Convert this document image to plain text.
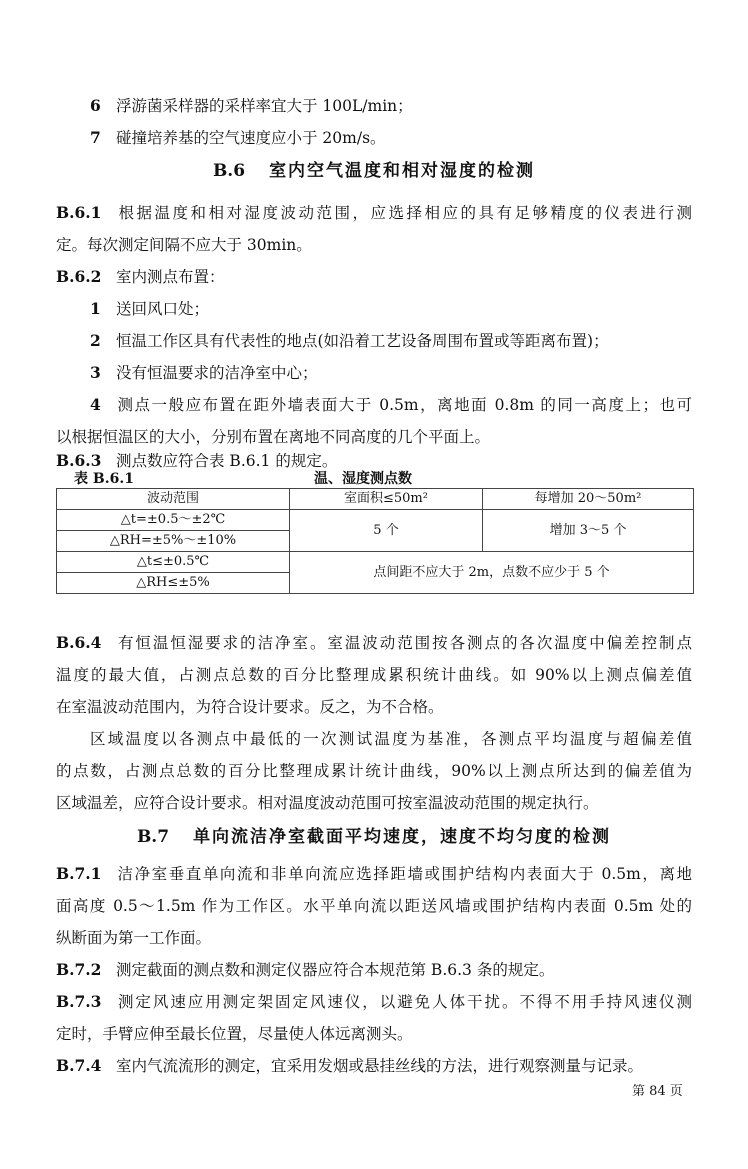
6 浮游菌采样器的采样率宜大于 100L/min；
7 碰撞培养基的空气速度应小于 20m/s。
B.6 室内空气温度和相对湿度的检测
B.6.1 根据温度和相对湿度波动范围，应选择相应的具有足够精度的仪表进行测
定。每次测定间隔不应大于 30min。
B.6.2 室内测点布置：
1 送回风口处；
2 恒温工作区具有代表性的地点(如沿着工艺设备周围布置或等距离布置)；
3 没有恒温要求的洁净室中心；
4 测点一般应布置在距外墙表面大于 0.5m，离地面 0.8m 的同一高度上；也可
以根据恒温区的大小，分别布置在离地不同高度的几个平面上。
B.6.3 测点数应符合表 B.6.1 的规定。
表 B.6.1	温、湿度测点数
波动范围	室面积≤50m²	每增加 20～50m²
△t=±0.5～±2℃	5 个	增加 3～5 个
△RH=±5%～±10%		
△t≤±0.5℃	点间距不应大于 2m，点数不应少于 5 个	
△RH≤±5%		
B.6.4 有恒温恒湿要求的洁净室。室温波动范围按各测点的各次温度中偏差控制点
温度的最大值，占测点总数的百分比整理成累积统计曲线。如 90%以上测点偏差值
在室温波动范围内，为符合设计要求。反之，为不合格。
区域温度以各测点中最低的一次测试温度为基准，各测点平均温度与超偏差值
的点数，占测点总数的百分比整理成累计统计曲线，90%以上测点所达到的偏差值为
区域温差，应符合设计要求。相对温度波动范围可按室温波动范围的规定执行。
B.7 单向流洁净室截面平均速度，速度不均匀度的检测
B.7.1 洁净室垂直单向流和非单向流应选择距墙或围护结构内表面大于 0.5m，离地
面高度 0.5～1.5m 作为工作区。水平单向流以距送风墙或围护结构内表面 0.5m 处的
纵断面为第一工作面。
B.7.2 测定截面的测点数和测定仪器应符合本规范第 B.6.3 条的规定。
B.7.3 测定风速应用测定架固定风速仪，以避免人体干扰。不得不用手持风速仪测
定时，手臂应伸至最长位置，尽量使人体远离测头。
B.7.4 室内气流流形的测定，宜采用发烟或悬挂丝线的方法，进行观察测量与记录。
第 84 页
